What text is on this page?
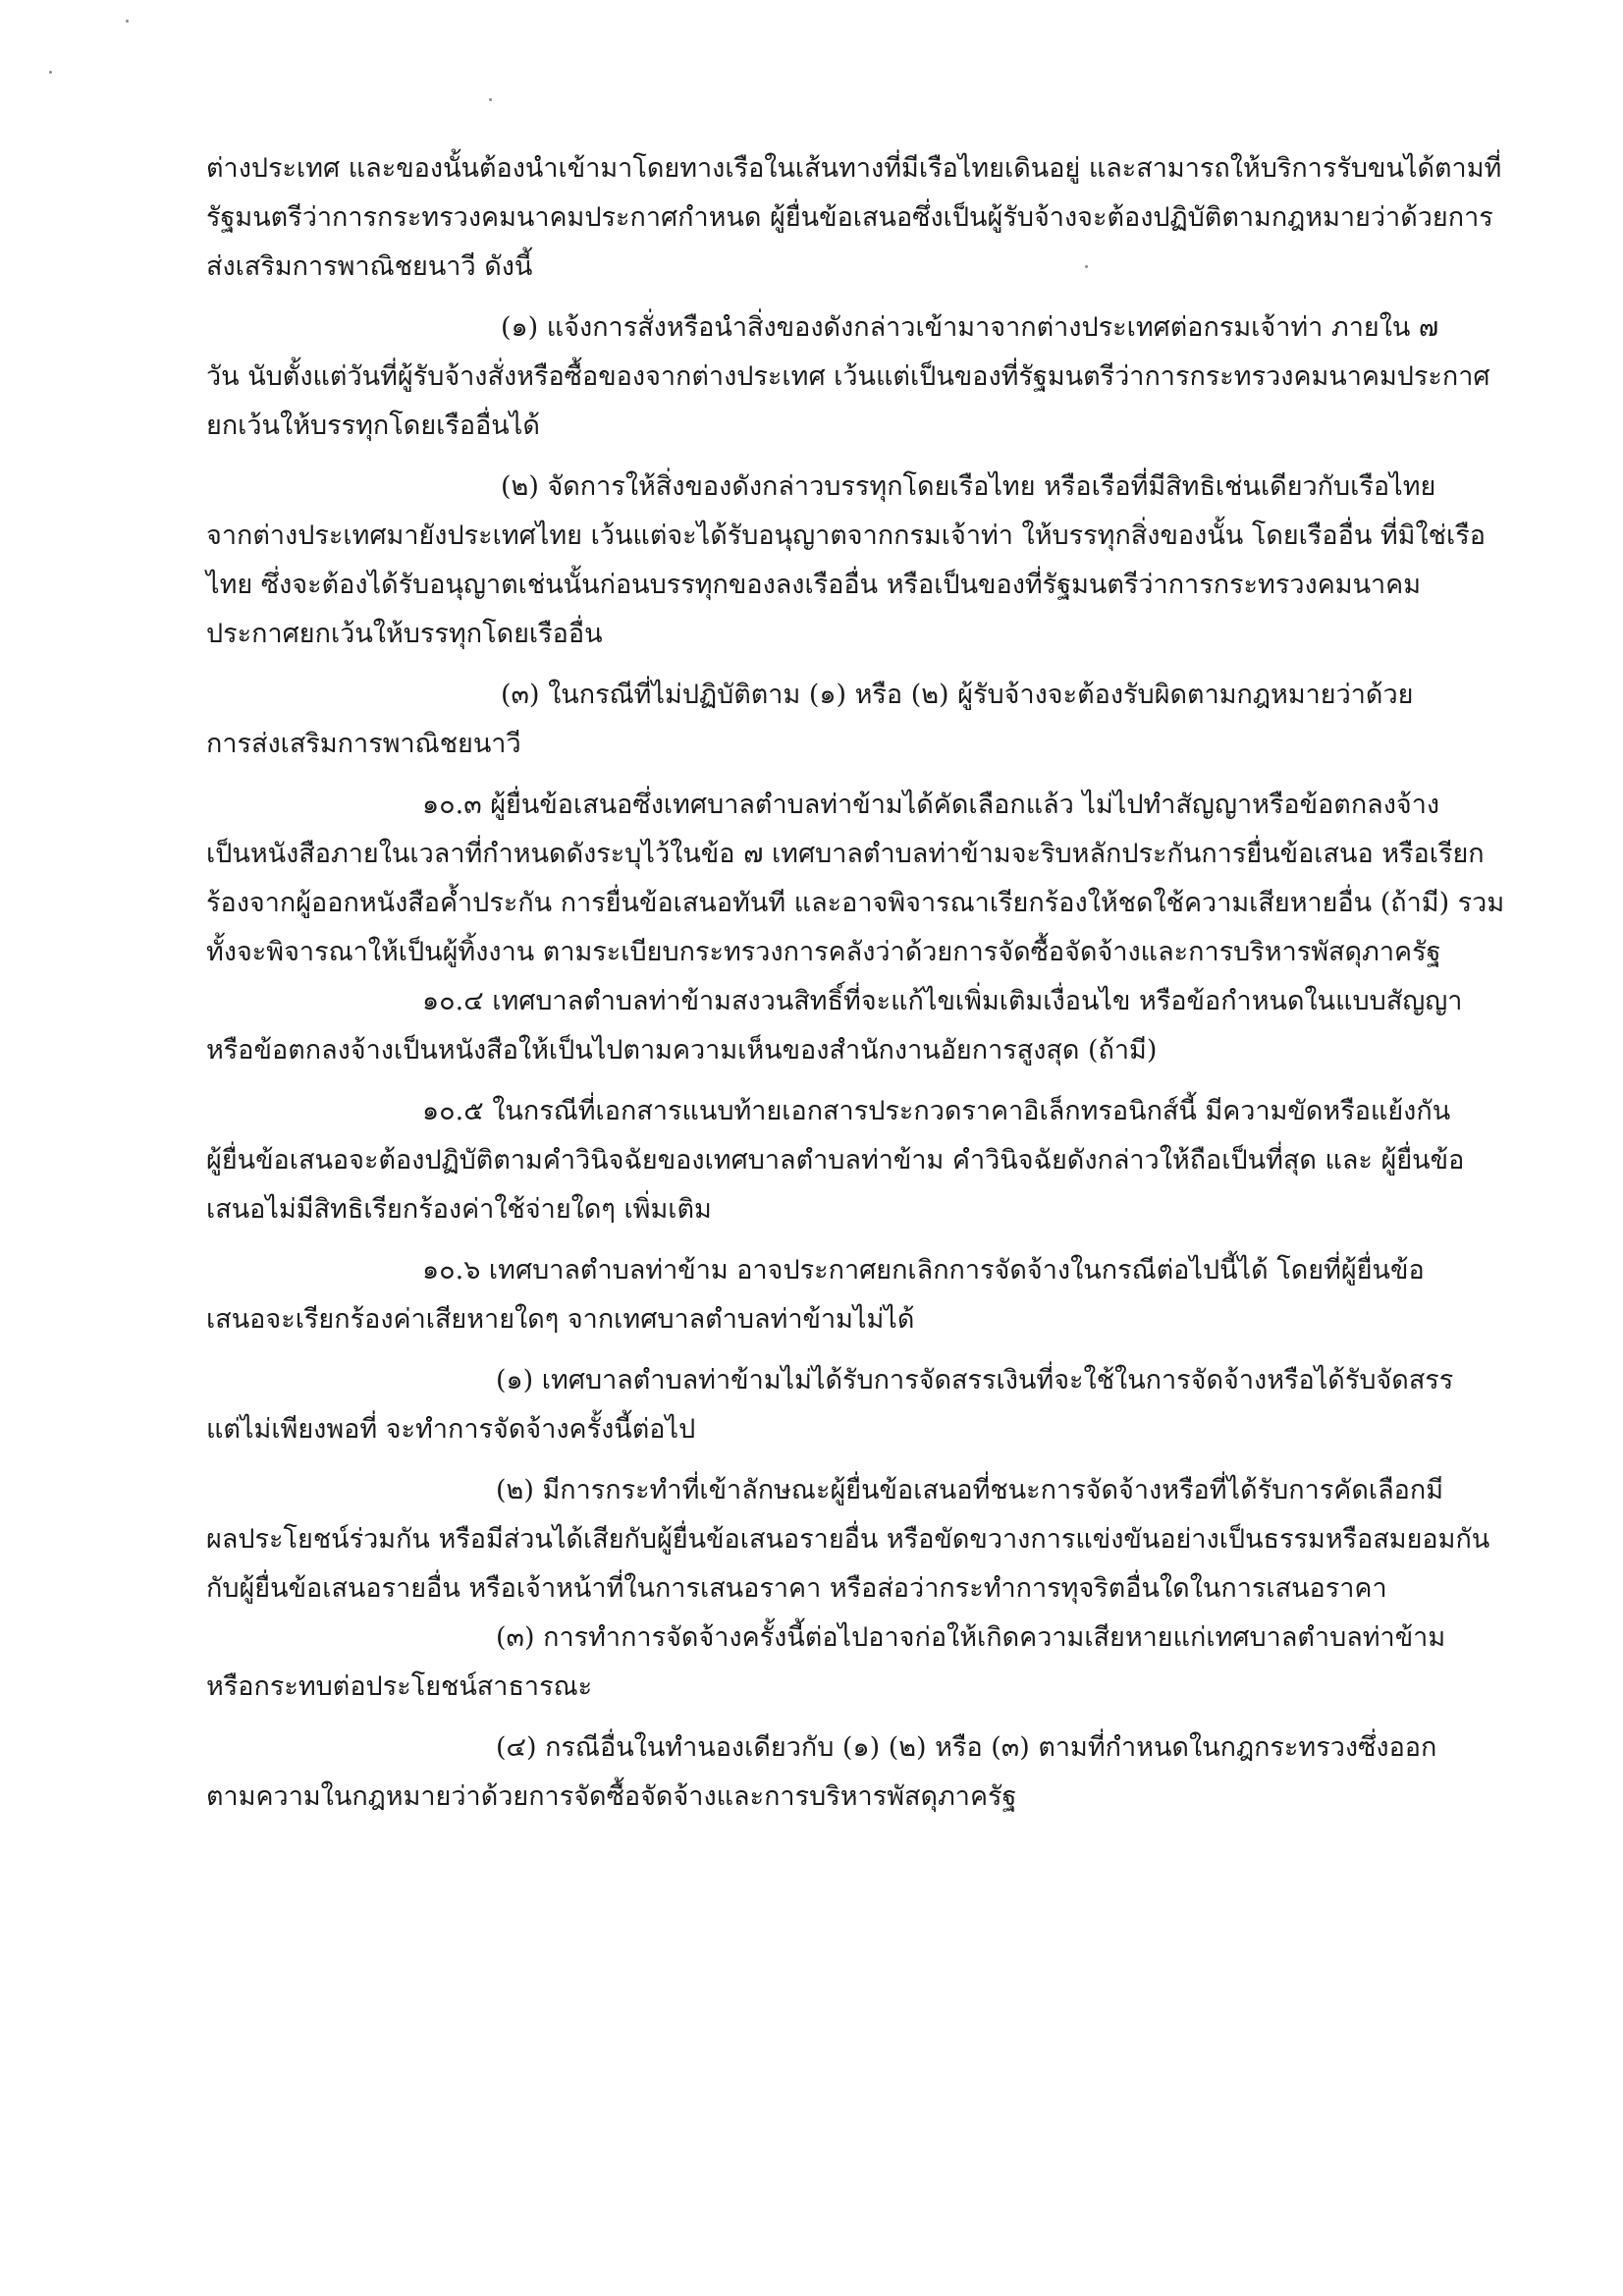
ต่างประเทศ และของนั้นต้องนำเข้ามาโดยทางเรือในเส้นทางที่มีเรือไทยเดินอยู่ และสามารถให้บริการรับขนได้ตามที่
รัฐมนตรีว่าการกระทรวงคมนาคมประกาศกำหนด ผู้ยื่นข้อเสนอซึ่งเป็นผู้รับจ้างจะต้องปฏิบัติตามกฎหมายว่าด้วยการ
ส่งเสริมการพาณิชยนาวี ดังนี้
(๑) แจ้งการสั่งหรือนำสิ่งของดังกล่าวเข้ามาจากต่างประเทศต่อกรมเจ้าท่า ภายใน ๗
วัน นับตั้งแต่วันที่ผู้รับจ้างสั่งหรือซื้อของจากต่างประเทศ เว้นแต่เป็นของที่รัฐมนตรีว่าการกระทรวงคมนาคมประกาศ
ยกเว้นให้บรรทุกโดยเรืออื่นได้
(๒) จัดการให้สิ่งของดังกล่าวบรรทุกโดยเรือไทย หรือเรือที่มีสิทธิเช่นเดียวกับเรือไทย
จากต่างประเทศมายังประเทศไทย เว้นแต่จะได้รับอนุญาตจากกรมเจ้าท่า ให้บรรทุกสิ่งของนั้น โดยเรืออื่น ที่มิใช่เรือ
ไทย ซึ่งจะต้องได้รับอนุญาตเช่นนั้นก่อนบรรทุกของลงเรืออื่น หรือเป็นของที่รัฐมนตรีว่าการกระทรวงคมนาคม
ประกาศยกเว้นให้บรรทุกโดยเรืออื่น
(๓) ในกรณีที่ไม่ปฏิบัติตาม (๑) หรือ (๒) ผู้รับจ้างจะต้องรับผิดตามกฎหมายว่าด้วย
การส่งเสริมการพาณิชยนาวี
๑๐.๓ ผู้ยื่นข้อเสนอซึ่งเทศบาลตำบลท่าข้ามได้คัดเลือกแล้ว ไม่ไปทำสัญญาหรือข้อตกลงจ้าง
เป็นหนังสือภายในเวลาที่กำหนดดังระบุไว้ในข้อ ๗ เทศบาลตำบลท่าข้ามจะริบหลักประกันการยื่นข้อเสนอ หรือเรียก
ร้องจากผู้ออกหนังสือค้ำประกัน การยื่นข้อเสนอทันที และอาจพิจารณาเรียกร้องให้ชดใช้ความเสียหายอื่น (ถ้ามี) รวม
ทั้งจะพิจารณาให้เป็นผู้ทิ้งงาน ตามระเบียบกระทรวงการคลังว่าด้วยการจัดซื้อจัดจ้างและการบริหารพัสดุภาครัฐ
๑๐.๔ เทศบาลตำบลท่าข้ามสงวนสิทธิ์ที่จะแก้ไขเพิ่มเติมเงื่อนไข หรือข้อกำหนดในแบบสัญญา
หรือข้อตกลงจ้างเป็นหนังสือให้เป็นไปตามความเห็นของสำนักงานอัยการสูงสุด (ถ้ามี)
๑๐.๕ ในกรณีที่เอกสารแนบท้ายเอกสารประกวดราคาอิเล็กทรอนิกส์นี้ มีความขัดหรือแย้งกัน
ผู้ยื่นข้อเสนอจะต้องปฏิบัติตามคำวินิจฉัยของเทศบาลตำบลท่าข้าม คำวินิจฉัยดังกล่าวให้ถือเป็นที่สุด และ ผู้ยื่นข้อ
เสนอไม่มีสิทธิเรียกร้องค่าใช้จ่ายใดๆ เพิ่มเติม
๑๐.๖ เทศบาลตำบลท่าข้าม อาจประกาศยกเลิกการจัดจ้างในกรณีต่อไปนี้ได้ โดยที่ผู้ยื่นข้อ
เสนอจะเรียกร้องค่าเสียหายใดๆ จากเทศบาลตำบลท่าข้ามไม่ได้
(๑) เทศบาลตำบลท่าข้ามไม่ได้รับการจัดสรรเงินที่จะใช้ในการจัดจ้างหรือได้รับจัดสรร
แต่ไม่เพียงพอที่ จะทำการจัดจ้างครั้งนี้ต่อไป
(๒) มีการกระทำที่เข้าลักษณะผู้ยื่นข้อเสนอที่ชนะการจัดจ้างหรือที่ได้รับการคัดเลือกมี
ผลประโยชน์ร่วมกัน หรือมีส่วนได้เสียกับผู้ยื่นข้อเสนอรายอื่น หรือขัดขวางการแข่งขันอย่างเป็นธรรมหรือสมยอมกัน
กับผู้ยื่นข้อเสนอรายอื่น หรือเจ้าหน้าที่ในการเสนอราคา หรือส่อว่ากระทำการทุจริตอื่นใดในการเสนอราคา
(๓) การทำการจัดจ้างครั้งนี้ต่อไปอาจก่อให้เกิดความเสียหายแก่เทศบาลตำบลท่าข้าม
หรือกระทบต่อประโยชน์สาธารณะ
(๔) กรณีอื่นในทำนองเดียวกับ (๑) (๒) หรือ (๓) ตามที่กำหนดในกฎกระทรวงซึ่งออก
ตามความในกฎหมายว่าด้วยการจัดซื้อจัดจ้างและการบริหารพัสดุภาครัฐ
